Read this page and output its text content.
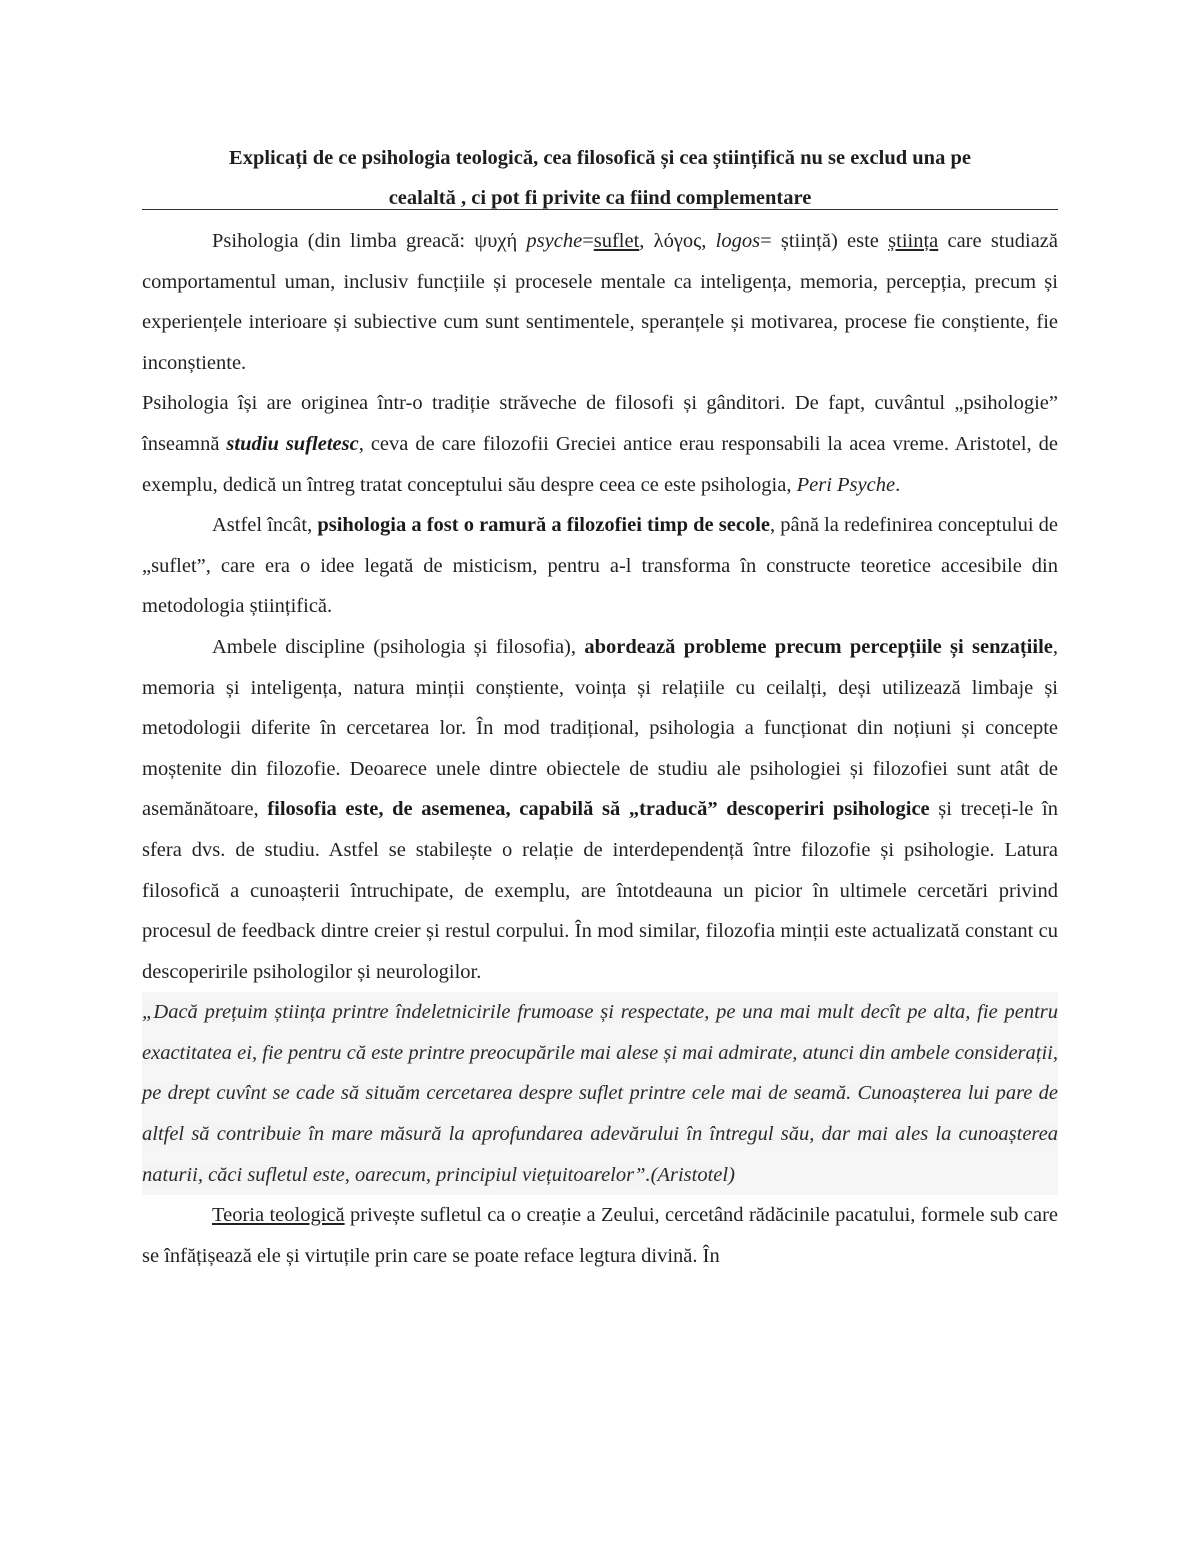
Explicați de ce psihologia teologică, cea filosofică și cea științifică nu se exclud una pe
cealaltă , ci pot fi privite ca fiind complementare

Psihologia (din limba greacă: ψυχή psyche=suflet, λόγος, logos= știință) este știința care studiază comportamentul uman, inclusiv funcțiile și procesele mentale ca inteligența, memoria, percepția, precum și experiențele interioare și subiective cum sunt sentimentele, speranțele și motivarea, procese fie conștiente, fie inconștiente.

Psihologia își are originea într-o tradiție străveche de filosofi și gânditori. De fapt, cuvântul „psihologie” înseamnă studiu sufletesc, ceva de care filozofii Greciei antice erau responsabili la acea vreme. Aristotel, de exemplu, dedică un întreg tratat conceptului său despre ceea ce este psihologia, Peri Psyche.

Astfel încât, psihologia a fost o ramură a filozofiei timp de secole, până la redefinirea conceptului de „suflet”, care era o idee legată de misticism, pentru a-l transforma în constructe teoretice accesibile din metodologia științifică.

Ambele discipline (psihologia și filosofia), abordează probleme precum percepțiile și senzațiile, memoria și inteligența, natura minții conștiente, voința și relațiile cu ceilalți, deși utilizează limbaje și metodologii diferite în cercetarea lor. În mod tradițional, psihologia a funcționat din noțiuni și concepte moștenite din filozofie. Deoarece unele dintre obiectele de studiu ale psihologiei și filozofiei sunt atât de asemănătoare, filosofia este, de asemenea, capabilă să „traducă” descoperiri psihologice și treceți-le în sfera dvs. de studiu. Astfel se stabilește o relație de interdependență între filozofie și psihologie. Latura filosofică a cunoașterii întruchipate, de exemplu, are întotdeauna un picior în ultimele cercetări privind procesul de feedback dintre creier și restul corpului. În mod similar, filozofia minții este actualizată constant cu descoperirile psihologilor și neurologilor.

„Dacă prețuim știința printre îndeletnicirile frumoase și respectate, pe una mai mult decît pe alta, fie pentru exactitatea ei, fie pentru că este printre preocupările mai alese și mai admirate, atunci din ambele considerații, pe drept cuvînt se cade să situăm cercetarea despre suflet printre cele mai de seamă. Cunoașterea lui pare de altfel să contribuie în mare măsură la aprofundarea adevărului în întregul său, dar mai ales la cunoașterea naturii, căci sufletul este, oarecum, principiul viețuitoarelor”.(Aristotel)

Teoria teologică privește sufletul ca o creație a Zeului, cercetând rădăcinile pacatului, formele sub care se înfățișează ele și virtuțile prin care se poate reface legtura divină. În
